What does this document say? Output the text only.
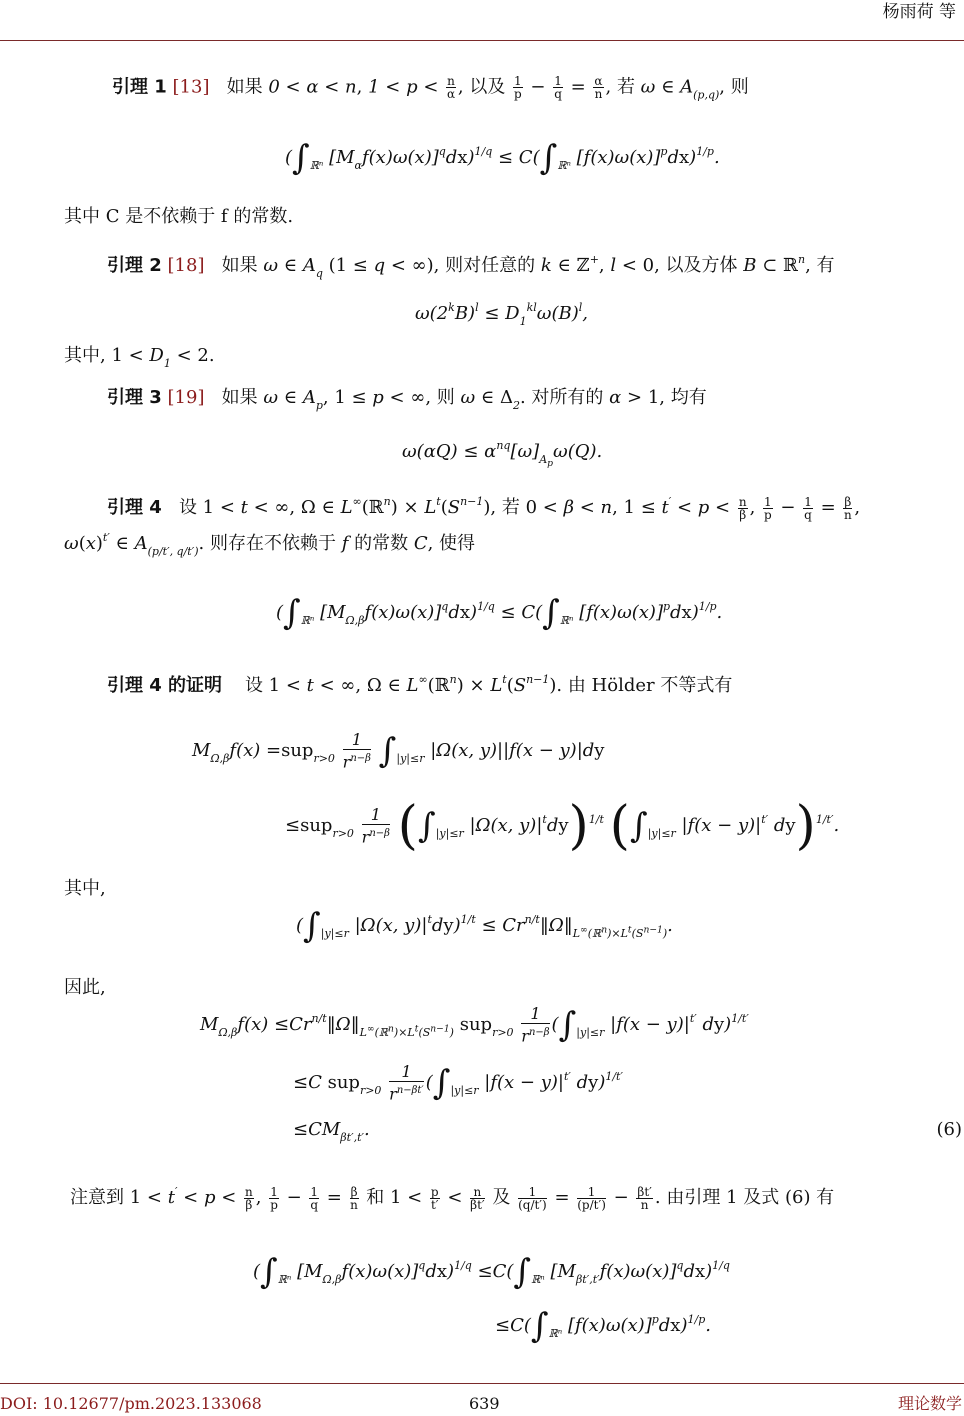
杨雨荷 等
引理 1 [13]   如果 0 < α < n, $1 < p < \frac{n}{\alpha}$ , 以及 $\frac{1}{p} - \frac{1}{q} = \frac{\alpha}{n}$ , 若 ω ∈ $A_{(p,q)}$, 则
($\int_{ℝ^n}$ $[M_\alpha f(x)\omega(x)]^qdx)^{1/q} \le C(\int_{ℝ^n}$ $[f(x)\omega(x)]^pdx)^{1/p}$.
其中 C 是不依赖于 f 的常数.
引理 2 [18]   如果 ω ∈ $A_q$ (1 ≤ q < ∞), 则对任意的 k ∈ ℤ+, l < 0, 以及方体 B ⊂ ℝ$^n$, 有
$\omega(2^kB)^l \le D_1^{kl}\omega(B)^l$,
其中, $1 < D_1 < 2$.
引理 3 [19]   如果 ω ∈ $A_p$, 1 ≤ p < ∞, 则 ω ∈ $\Delta_2$. 对所有的 α > 1, 均有
$\omega(\alpha Q) \le \alpha^{nq}[\omega]_{A_p}\omega(Q)$.
引理 4   设 1 < t < ∞, Ω ∈ L∞(ℝ$^n$) × $L^t(S^{n-1})$, 若 0 < β < n, $1 \le t' < p < \frac{n}{\beta}$ , $\frac{1}{p} - \frac{1}{q} = \frac{\beta}{n}$ ,
$\omega(x)^{t'}$ ∈ $A_{(p/t', q/t')}$. 则存在不依赖于 f 的常数 C, 使得
($\int_{ℝ^n}$ $[M_{\Omega,\beta}f(x)\omega(x)]^qdx)^{1/q} \le C(\int_{ℝ^n}$ $[f(x)\omega(x)]^pdx)^{1/p}$.
引理 4 的证明    设 1 < t < ∞, Ω ∈ L∞(ℝ$^n$) × $L^t(S^{n-1})$. 由 Hölder 不等式有
$M_{\Omega,\beta}f(x) =sup_{r>0} \frac{1}{r^{n-\beta}} \int_{|y|\le r}$ |Ω(x, y)||f(x − y)|dy
$\le sup_{r>0} \frac{1}{r^{n-\beta}} (\int_{|y|\le r}$ |Ω(x, $y)|^tdy)^{1/t}$ ($\int_{|y|\le r}$ $|f(x - y)|^{t'}$ dy)$^{1/t'}$.
其中,
($\int_{|y|\le r}$ |Ω(x, $y)|^tdy)^{1/t}$ ≤ $Cr^{n/t}‖\Omega‖_{L^\infty(ℝ^n)\times L^t(S^{n-1})}$.
因此,
$M_{\Omega,\beta}f(x)$ $\le Cr^{n/t}‖\Omega‖_{L^\infty(ℝ^n)\times L^t(S^{n-1})}$ $sup_{r>0} \frac{1}{r^{n-\beta}} (\int_{|y|\le r}$ $|f(x - y)|^{t'}$ dy)$^{1/t'}$
≤C $sup_{r>0} \frac{1}{r^{n-\beta t'}} (\int_{|y|\le r}$ $|f(x - y)|^{t'}$ dy)$^{1/t'}$
$\le CM_{\beta t',t'}$.	(6)
注意到 $1 < t' < p < \frac{n}{\beta}$ , $\frac{1}{p} - \frac{1}{q} = \frac{\beta}{n}$ 和 $1 < \frac{p}{t'} < \frac{n}{\beta t'}$ 及 $\frac{1}{(q/t')} = \frac{1}{(p/t')} - \frac{\beta t'}{n}$ . 由引理 1 及式 (6) 有
($\int_{ℝ^n}$ $[M_{\Omega,\beta}f(x)\omega(x)]^qdx)^{1/q} \le C(\int_{ℝ^n}$ $[M_{\beta t',t'}f(x)\omega(x)]^qdx)^{1/q}$
$\le C(\int_{ℝ^n}$ $[f(x)\omega(x)]^pdx)^{1/p}$.
DOI: 10.12677/pm.2023.133068	639	理论数学
